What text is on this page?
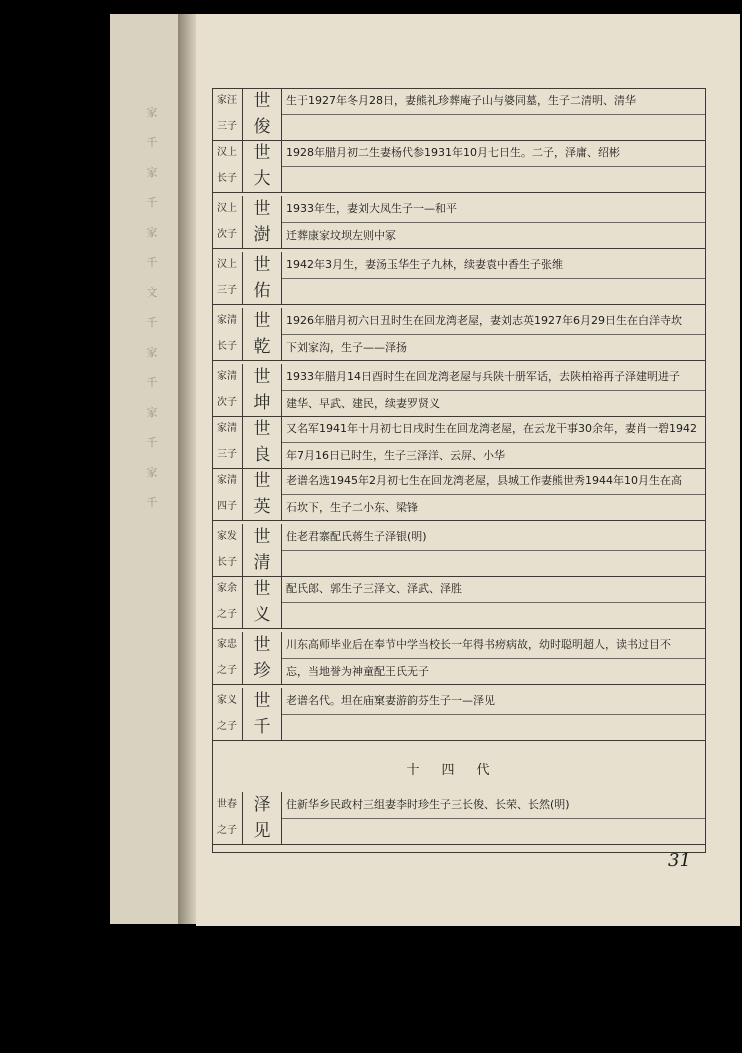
家
千
家
千
家
千
文
千
家
千
家
千
家
千
家汪
三子
世
俊
生于1927年冬月28日，妻熊礼珍葬庵子山与婆同墓，生子二清明、清华
汉上
长子
世
大
1928年腊月初二生妻杨代参1931年10月七日生。二子，泽庸、绍彬
汉上
次子
世
澍
1933年生，妻刘大凤生子一—和平
迁葬康家坟坝左则中冢
汉上
三子
世
佑
1942年3月生，妻汤玉华生子九林，续妻袁中香生子张维
家清
长子
世
乾
1926年腊月初六日丑时生在回龙湾老屋，妻刘志英1927年6月29日生在白洋寺坎
下刘家沟，生子——泽扬
家清
次子
世
坤
1933年腊月14日酉时生在回龙湾老屋与兵陕十册军话，去陕柏裕再子泽建明进子
建华、早武、建民，续妻罗贤义
家清
三子
世
良
又名军1941年十月初七日戌时生在回龙湾老屋，在云龙干事30余年，妻肖一碧1942
年7月16日已时生，生子三泽洋、云屏、小华
家清
四子
世
英
老谱名选1945年2月初七生在回龙湾老屋，县城工作妻熊世秀1944年10月生在高
石坎下，生子二小东、梁锋
家发
长子
世
清
住老君寨配氏蒋生子泽银(明)
家余
之子
世
义
配氏郎、郭生子三泽文、泽武、泽胜
家忠
之子
世
珍
川东高师毕业后在奉节中学当校长一年得书痨病故，幼时聪明超人，读书过目不
忘，当地誉为神童配王氏无子
家义
之子
世
千
老谱名代。坦在庙窠妻游韵芬生子一—泽见
世春
之子
泽
见
住新华乡民政村三组妻李时珍生子三长俊、长荣、长然(明)
十四代
31
